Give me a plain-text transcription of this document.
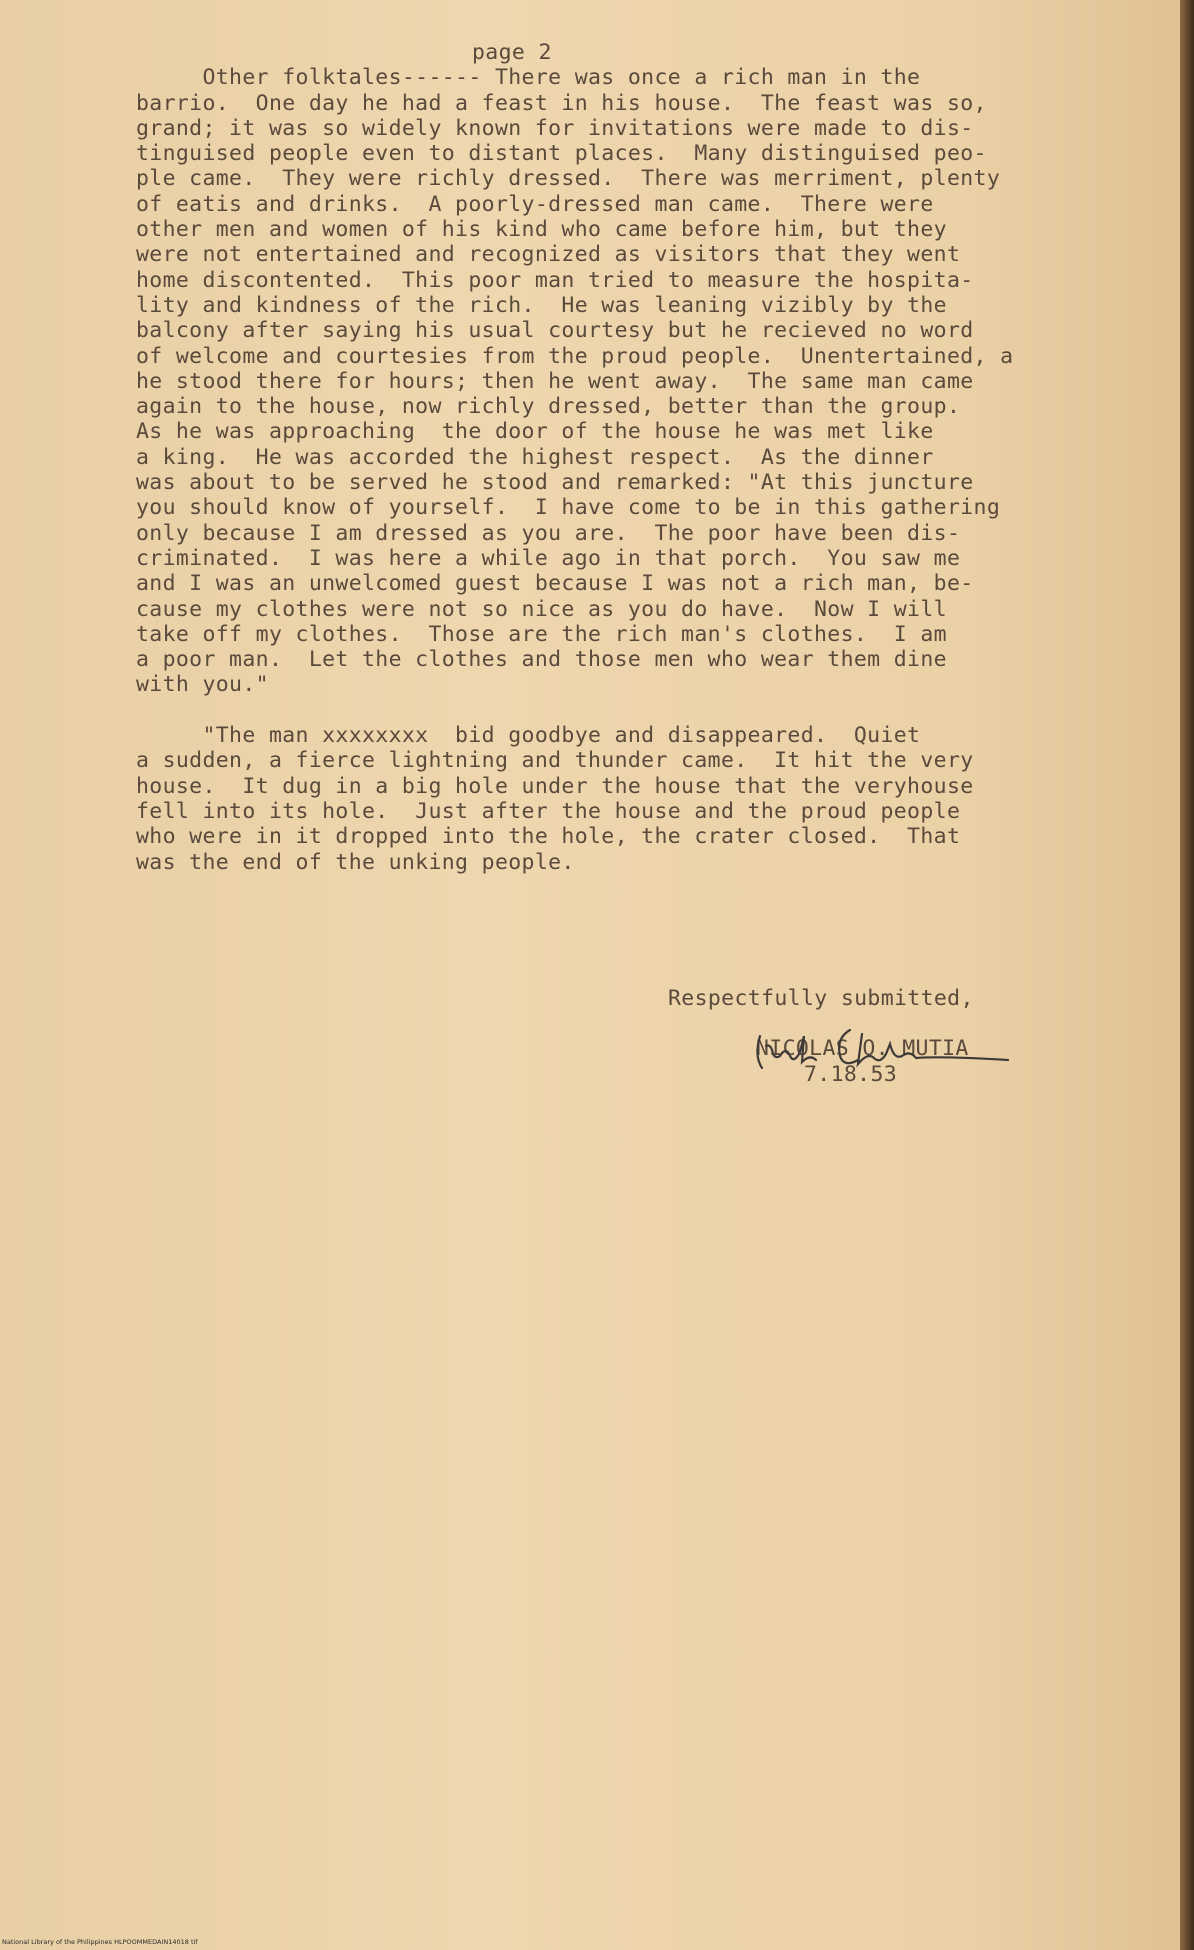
page 2
Other folktales------ There was once a rich man in the
barrio.  One day he had a feast in his house.  The feast was so,
grand; it was so widely known for invitations were made to dis-
tinguised people even to distant places.  Many distinguised peo-
ple came.  They were richly dressed.  There was merriment, plenty
of eatis and drinks.  A poorly-dressed man came.  There were
other men and women of his kind who came before him, but they
were not entertained and recognized as visitors that they went
home discontented.  This poor man tried to measure the hospita-
lity and kindness of the rich.  He was leaning vizibly by the
balcony after saying his usual courtesy but he recieved no word
of welcome and courtesies from the proud people.  Unentertained, a
he stood there for hours; then he went away.  The same man came
again to the house, now richly dressed, better than the group.
As he was approaching  the door of the house he was met like
a king.  He was accorded the highest respect.  As the dinner
was about to be served he stood and remarked: "At this juncture
you should know of yourself.  I have come to be in this gathering
only because I am dressed as you are.  The poor have been dis-
criminated.  I was here a while ago in that porch.  You saw me
and I was an unwelcomed guest because I was not a rich man, be-
cause my clothes were not so nice as you do have.  Now I will
take off my clothes.  Those are the rich man's clothes.  I am
a poor man.  Let the clothes and those men who wear them dine
with you."
"The man xxxxxxxx  bid goodbye and disappeared.  Quiet
a sudden, a fierce lightning and thunder came.  It hit the very
house.  It dug in a big hole under the house that the veryhouse
fell into its hole.  Just after the house and the proud people
who were in it dropped into the hole, the crater closed.  That
was the end of the unking people.
Respectfully submitted,
NICOLAS O. MUTIA
7.18.53
National Library of the Philippines HLPOOMMEDAIN14018 tif
